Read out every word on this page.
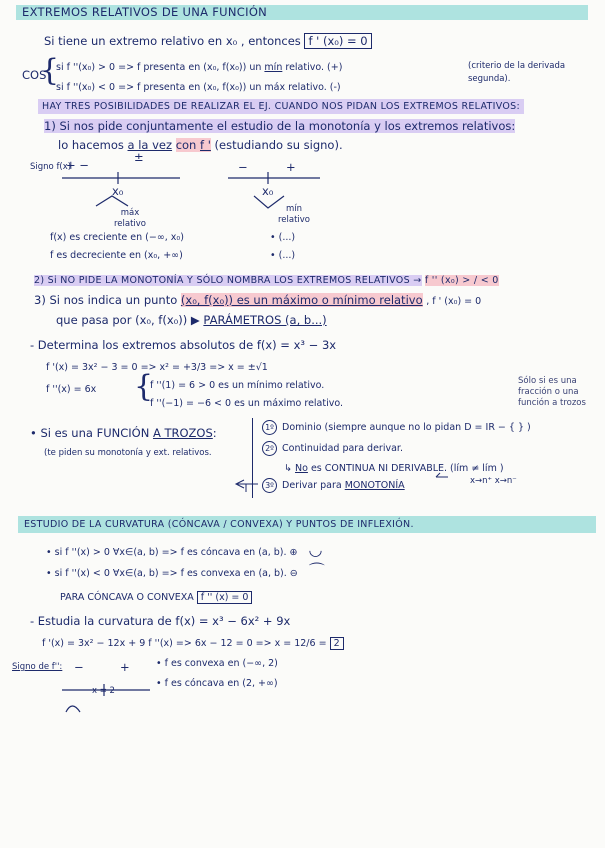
EXTREMOS RELATIVOS DE UNA FUNCIÓN
Si tiene un extremo relativo en x₀ , entonces f ' (x₀) = 0
COS
{
si f ''(x₀) > 0 => f presenta en (x₀, f(x₀)) un mín relativo. (+)	(criterio de la derivada segunda).
si f ''(x₀) < 0 => f presenta en (x₀, f(x₀)) un máx relativo. (-)
HAY TRES POSIBILIDADES DE REALIZAR EL EJ. CUANDO NOS PIDAN LOS EXTREMOS RELATIVOS:
1) Si nos pide conjuntamente el estudio de la monotonía y los extremos relativos:
lo hacemos a la vez con f ' (estudiando su signo).
Signo f(x)
+ −
±
−	+
x₀	x₀
máx relativo
mín relativo
f(x) es creciente en (−∞, x₀)
f es decreciente en (x₀, +∞)
• (...)
• (...)
2) Si NO PIDE LA MONOTONÍA Y SÓLO NOMBRA LOS EXTREMOS RELATIVOS → f '' (x₀) > / < 0
3) Si nos indica un punto (x₀, f(x₀)) es un máximo o mínimo relativo , f ' (x₀) = 0
que pasa por (x₀, f(x₀)) ▶ PARÁMETROS (a, b...)
- Determina los extremos absolutos de f(x) = x³ − 3x
f '(x) = 3x² − 3 = 0 => x² = +3/3 => x = ±√1
f ''(x) = 6x {
f ''(1) = 6 > 0 es un mínimo relativo.
f ''(−1) = −6 < 0 es un máximo relativo.
Sólo si es una fracción o una función a trozos
• Si es una FUNCIÓN A TROZOS:
(te piden su monotonía y ext. relativos.
1º Dominio (siempre aunque no lo pidan D = IR − { } )
2º Continuidad para derivar.
↳ No es CONTINUA NI DERIVABLE. (lím ≠ lím )
x→n⁺ x→n⁻
3º Derivar para MONOTONÍA
ESTUDIO DE LA CURVATURA (CÓNCAVA / CONVEXA) Y PUNTOS DE INFLEXIÓN.
• si f ''(x) > 0 ∀x∈(a, b) => f es cóncava en (a, b). ⊕ ◡
• si f ''(x) < 0 ∀x∈(a, b) => f es convexa en (a, b). ⊖ ⌒
PARA CÓNCAVA O CONVEXA f '' (x) = 0
- Estudia la curvatura de f(x) = x³ − 6x² + 9x
f '(x) = 3x² − 12x + 9 f ''(x) => 6x − 12 = 0 => x = 12/6 = 2
Signo de f'': −	+
x = 2
• f es convexa en (−∞, 2)
• f es cóncava en (2, +∞)
